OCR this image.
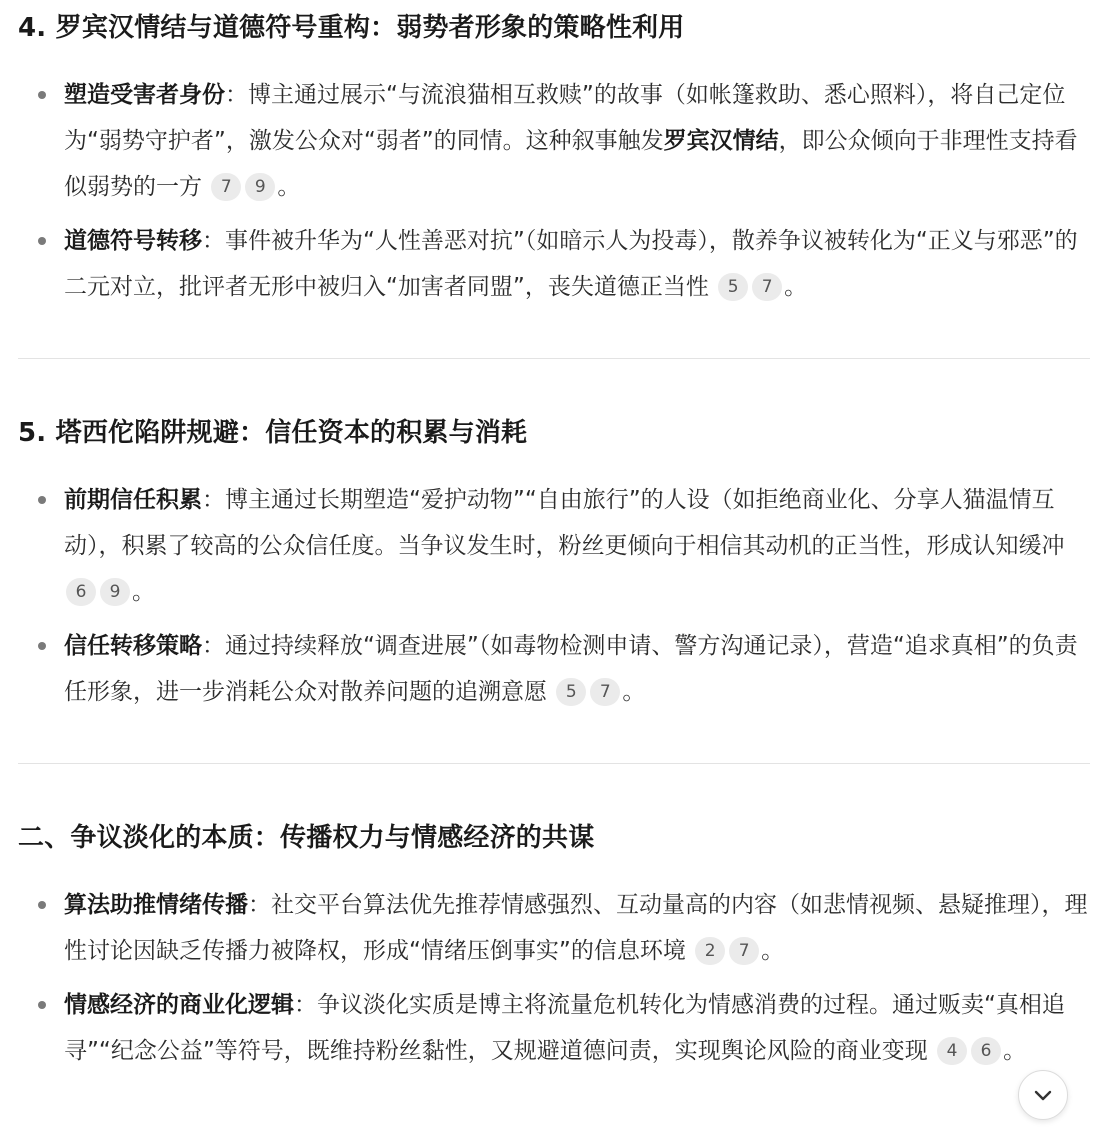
4. 罗宾汉情结与道德符号重构：弱势者形象的策略性利用
塑造受害者身份：博主通过展示“与流浪猫相互救赎”的故事（如帐篷救助、悉心照料），将自己定位为“弱势守护者”，激发公众对“弱者”的同情。这种叙事触发罗宾汉情结，即公众倾向于非理性支持看似弱势的一方 7 9 。
道德符号转移：事件被升华为“人性善恶对抗”（如暗示人为投毒），散养争议被转化为“正义与邪恶”的二元对立，批评者无形中被归入“加害者同盟”，丧失道德正当性 5 7 。
5. 塔西佗陷阱规避：信任资本的积累与消耗
前期信任积累：博主通过长期塑造“爱护动物”“自由旅行”的人设（如拒绝商业化、分享人猫温情互动），积累了较高的公众信任度。当争议发生时，粉丝更倾向于相信其动机的正当性，形成认知缓冲 6 9 。
信任转移策略：通过持续释放“调查进展”（如毒物检测申请、警方沟通记录），营造“追求真相”的负责任形象，进一步消耗公众对散养问题的追溯意愿 5 7 。
二、争议淡化的本质：传播权力与情感经济的共谋
算法助推情绪传播：社交平台算法优先推荐情感强烈、互动量高的内容（如悲情视频、悬疑推理），理性讨论因缺乏传播力被降权，形成“情绪压倒事实”的信息环境 2 7 。
情感经济的商业化逻辑：争议淡化实质是博主将流量危机转化为情感消费的过程。通过贩卖“真相追寻”“纪念公益”等符号，既维持粉丝黏性，又规避道德问责，实现舆论风险的商业变现 4 6 。
